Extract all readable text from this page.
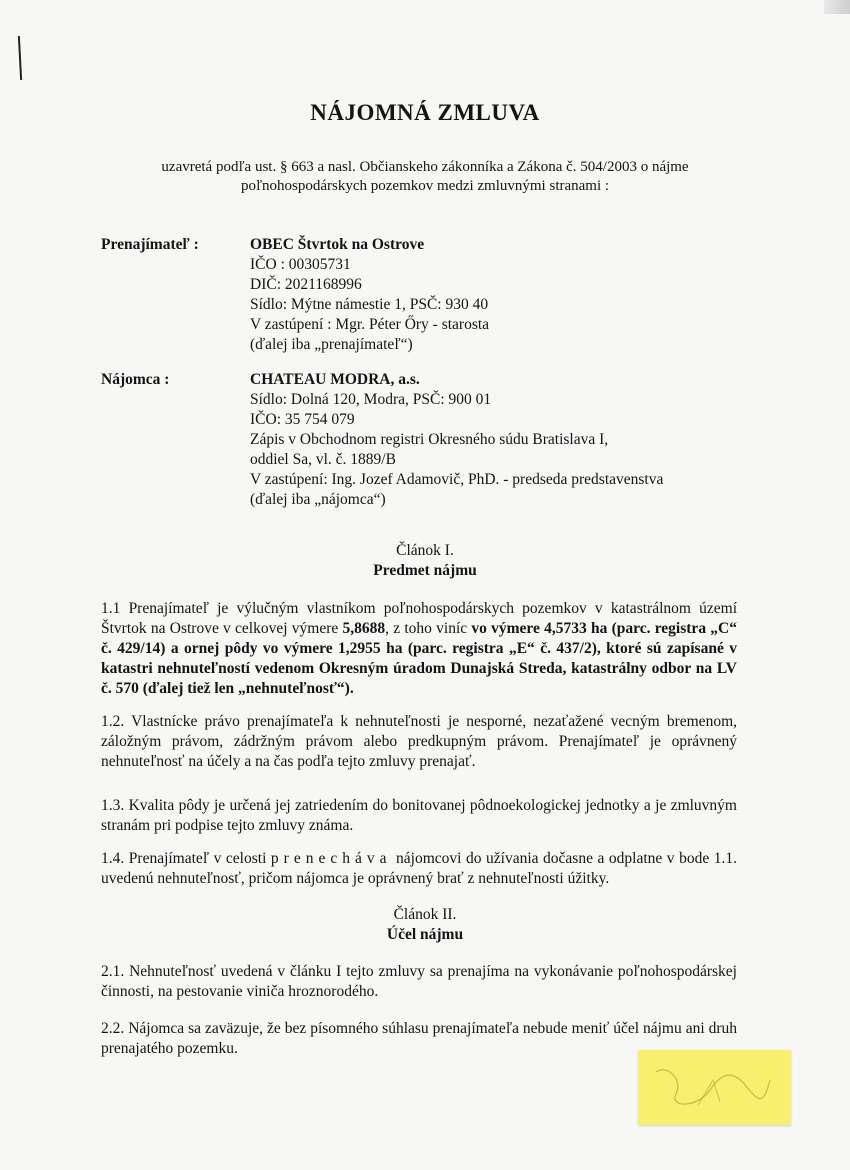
NÁJOMNÁ ZMLUVA
uzavretá podľa ust. § 663 a nasl. Občianskeho zákonníka a Zákona č. 504/2003 o nájme
poľnohospodárskych pozemkov medzi zmluvnými stranami :
Prenajímateľ :	OBEC Štvrtok na Ostrove
IČO : 00305731
DIČ: 2021168996
Sídlo: Mýtne námestie 1, PSČ: 930 40
V zastúpení : Mgr. Péter Őry - starosta
(ďalej iba „prenajímateľ“)
Nájomca :	CHATEAU MODRA, a.s.
Sídlo: Dolná 120, Modra, PSČ: 900 01
IČO: 35 754 079
Zápis v Obchodnom registri Okresného súdu Bratislava I,
oddiel Sa, vl. č. 1889/B
V zastúpení: Ing. Jozef Adamovič, PhD. - predseda predstavenstva
(ďalej iba „nájomca“)
Článok I.
Predmet nájmu
1.1 Prenajímateľ je výlučným vlastníkom poľnohospodárskych pozemkov v katastrálnom území Štvrtok na Ostrove v celkovej výmere 5,8688, z toho viníc vo výmere 4,5733 ha (parc. registra „C“ č. 429/14) a ornej pôdy vo výmere 1,2955 ha (parc. registra „E“ č. 437/2), ktoré sú zapísané v katastri nehnuteľností vedenom Okresným úradom Dunajská Streda, katastrálny odbor na LV č. 570 (ďalej tiež len „nehnuteľnosť“).
1.2. Vlastnícke právo prenajímateľa k nehnuteľnosti je nesporné, nezaťažené vecným bremenom, záložným právom, zádržným právom alebo predkupným právom. Prenajímateľ je oprávnený nehnuteľnosť na účely a na čas podľa tejto zmluvy prenajať.
1.3. Kvalita pôdy je určená jej zatriedením do bonitovanej pôdnoekologickej jednotky a je zmluvným stranám pri podpise tejto zmluvy známa.
1.4. Prenajímateľ v celosti prenecháva nájomcovi do užívania dočasne a odplatne v bode 1.1. uvedenú nehnuteľnosť, pričom nájomca je oprávnený brať z nehnuteľnosti úžitky.
Článok II.
Účel nájmu
2.1. Nehnuteľnosť uvedená v článku I tejto zmluvy sa prenajíma na vykonávanie poľnohospodárskej činnosti, na pestovanie viniča hroznorodého.
2.2. Nájomca sa zaväzuje, že bez písomného súhlasu prenajímateľa nebude meniť účel nájmu ani druh prenajatého pozemku.
